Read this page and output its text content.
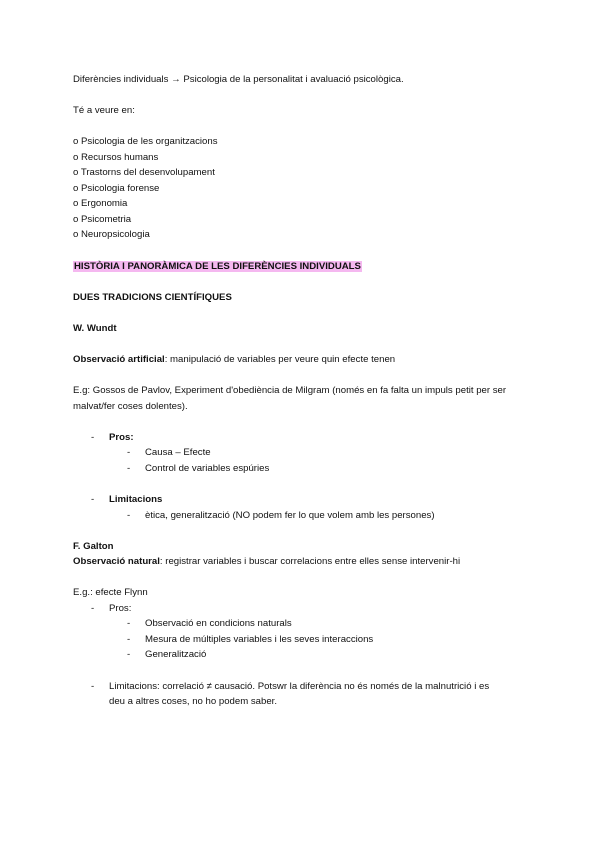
Diferències individuals → Psicologia de la personalitat i avaluació psicològica.
Té a veure en:
o Psicologia de les organitzacions
o Recursos humans
o Trastorns del desenvolupament
o Psicologia forense
o Ergonomia
o Psicometria
o Neuropsicologia
HISTÒRIA I PANORÀMICA DE LES DIFERÈNCIES INDIVIDUALS
DUES TRADICIONS CIENTÍFIQUES
W. Wundt
Observació artificial: manipulació de variables per veure quin efecte tenen
E.g: Gossos de Pavlov, Experiment d'obediència de Milgram (només en fa falta un impuls petit per ser
malvat/fer coses dolentes).
- Pros:
- Causa – Efecte
- Control de variables espúries
- Limitacions
- ètica, generalització (NO podem fer lo que volem amb les persones)
F. Galton
Observació natural: registrar variables i buscar correlacions entre elles sense intervenir-hi
E.g.: efecte Flynn
- Pros:
- Observació en condicions naturals
- Mesura de múltiples variables i les seves interaccions
- Generalització
- Limitacions: correlació ≠ causació. Potswr la diferència no és només de la malnutrició i es
deu a altres coses, no ho podem saber.
